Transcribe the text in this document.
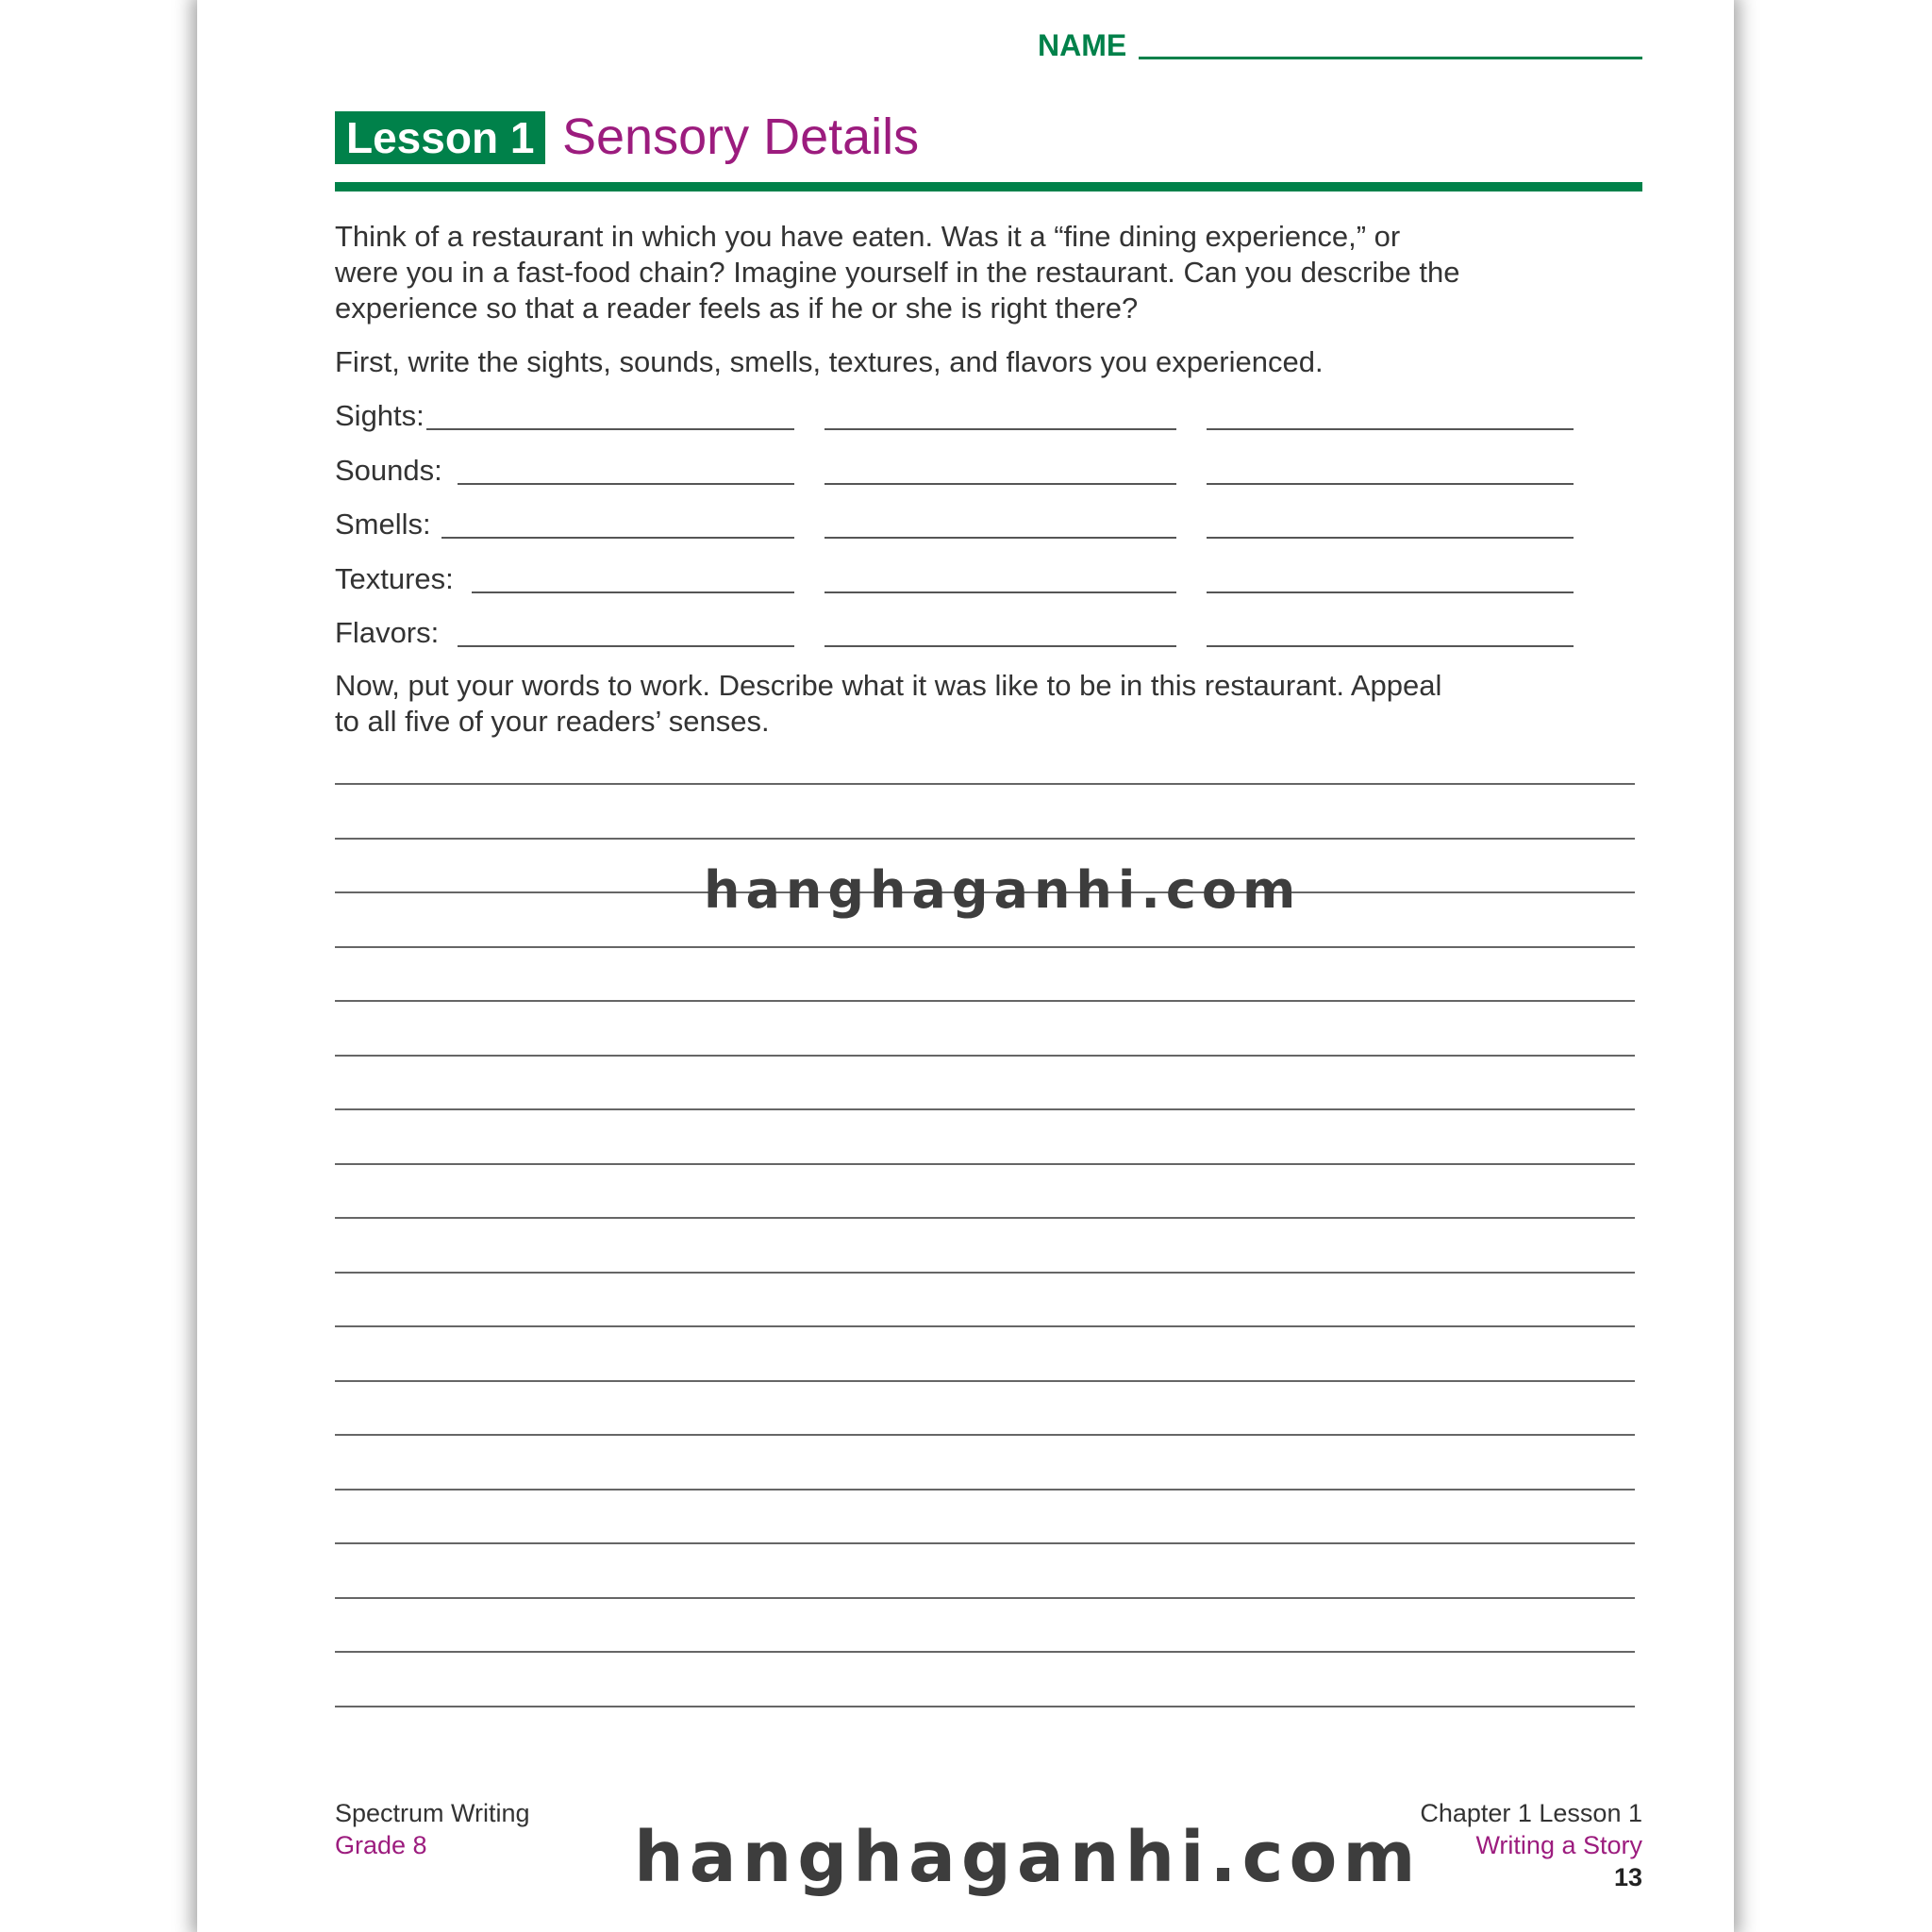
NAME
Lesson 1 Sensory Details
Think of a restaurant in which you have eaten. Was it a “fine dining experience,” or
were you in a fast-food chain? Imagine yourself in the restaurant. Can you describe the
experience so that a reader feels as if he or she is right there?
First, write the sights, sounds, smells, textures, and flavors you experienced.
Sights:
Sounds:
Smells:
Textures:
Flavors:
Now, put your words to work. Describe what it was like to be in this restaurant. Appeal
to all five of your readers’ senses.
hanghaganhi.com
Spectrum Writing
Grade 8
Chapter 1 Lesson 1
Writing a Story
13
hanghaganhi.com
